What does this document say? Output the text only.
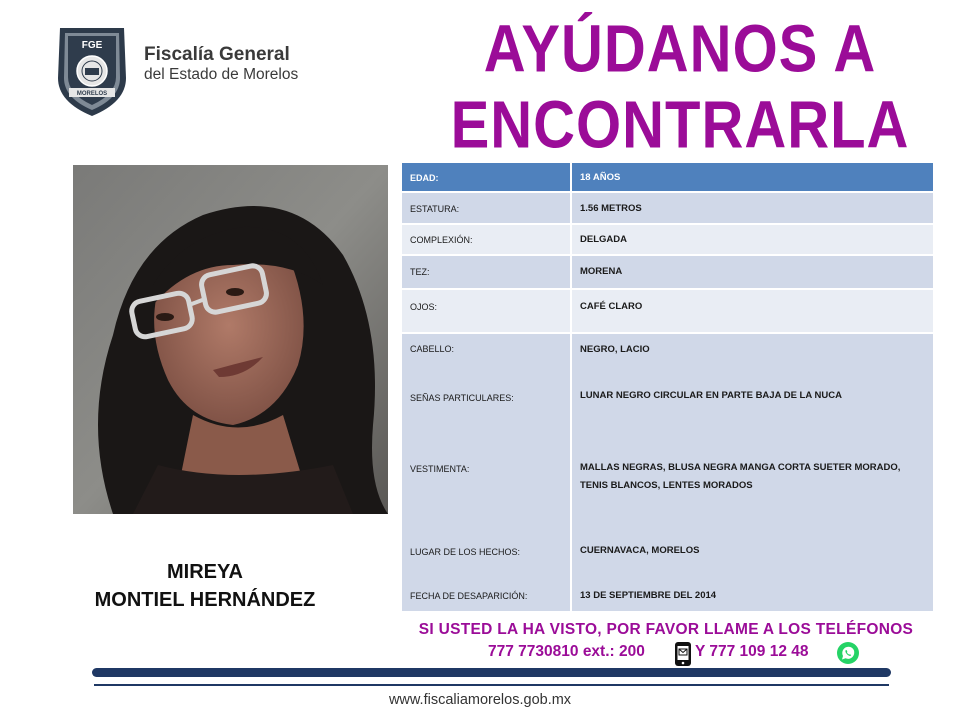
FGE
MORELOS
Fiscalía General
del Estado de Morelos	AYÚDANOS A
ENCONTRARLA
MIREYA
MONTIEL HERNÁNDEZ
EDAD:	18 AÑOS
ESTATURA:	1.56 METROS
COMPLEXIÓN:	DELGADA
TEZ:	MORENA
OJOS:	CAFÉ CLARO
CABELLO:	NEGRO, LACIO
SEÑAS PARTICULARES:	LUNAR NEGRO CIRCULAR EN PARTE BAJA DE LA NUCA
VESTIMENTA:	MALLAS NEGRAS, BLUSA NEGRA MANGA CORTA SUETER MORADO,
TENIS BLANCOS, LENTES MORADOS
LUGAR DE LOS HECHOS:	CUERNAVACA, MORELOS
FECHA DE DESAPARICIÓN:	13 DE SEPTIEMBRE DEL 2014
SI USTED LA HA VISTO, POR FAVOR LLAME A LOS TELÉFONOS
777 7730810 ext.: 200	Y 777 109 12 48
www.fiscaliamorelos.gob.mx
